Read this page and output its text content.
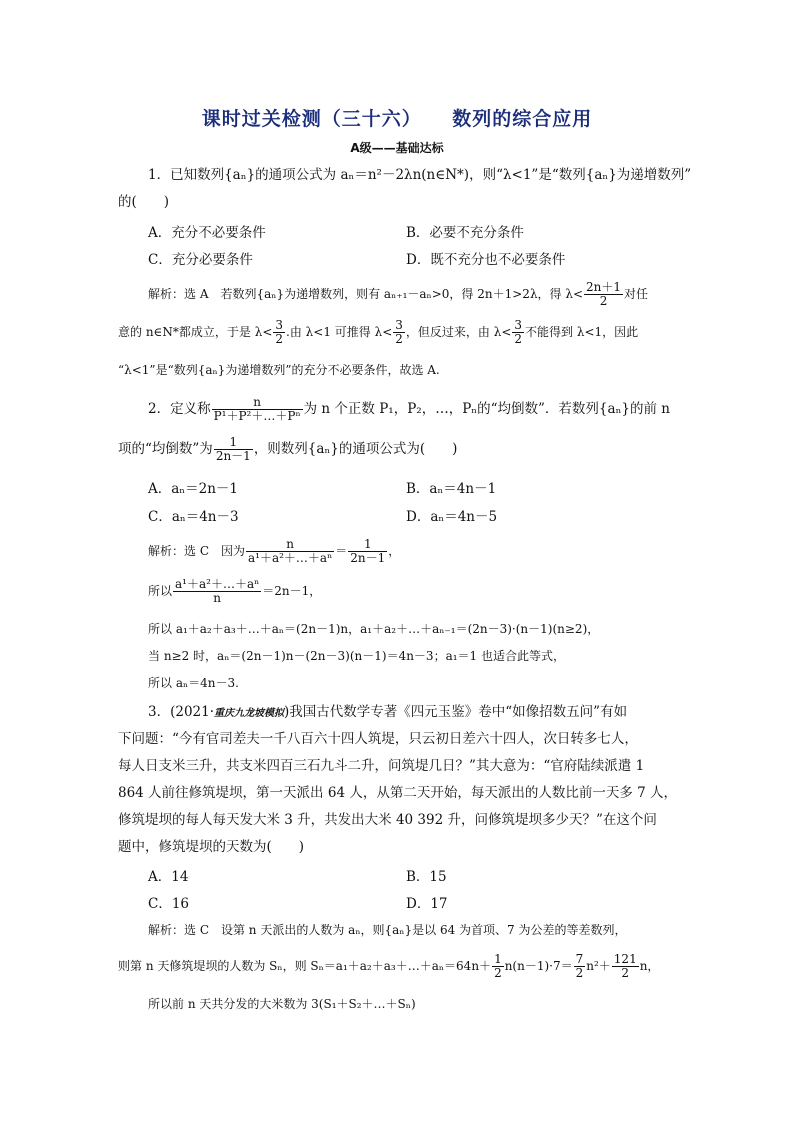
课时过关检测（三十六）    数列的综合应用
A级——基础达标
1．已知数列{aₙ}的通项公式为 aₙ＝n²－2λn(n∈N*)，则“λ<1”是“数列{aₙ}为递增数列”
的(　　)
A．充分不必要条件	B．必要不充分条件
C．充分必要条件	D．既不充分也不必要条件
解析：选 A　若数列{aₙ}为递增数列，则有 aₙ₊₁－aₙ>0，得 2n＋1>2λ，得 $\lambda< \frac{2n+1}{2}$ 对任
意的 n∈N*都成立，于是 $\lambda< \frac{3}{2}$ .由 λ<1 可推得 $\lambda< \frac{3}{2}$ ，但反过来，由 $\lambda< \frac{3}{2}$ 不能得到 λ<1，因此
“λ<1”是“数列{aₙ}为递增数列”的充分不必要条件，故选 A.
2．定义称 $\frac{n}{\text{P¹＋P²＋…＋Pⁿ}}$ 为 n 个正数 P₁，P₂，…，Pₙ的“均倒数”．若数列{aₙ}的前 n
项的“均倒数”为 $\frac{1}{2n-1}$ ，则数列{aₙ}的通项公式为(　　)
A．aₙ＝2n－1	B．aₙ＝4n－1
C．aₙ＝4n－3	D．aₙ＝4n－5
解析：选 C　因为 $\frac{n}{\text{a¹＋a²＋…＋aⁿ}} = \frac{1}{2n-1}$ ，
所以 $\frac{\text{a¹＋a²＋…＋aⁿ}}{n} =2n-1$，
所以 a₁＋a₂＋a₃＋…＋aₙ＝(2n－1)n，a₁＋a₂＋…＋aₙ₋₁＝(2n－3)·(n－1)(n≥2)，
当 n≥2 时，aₙ＝(2n－1)n－(2n－3)(n－1)＝4n－3；a₁＝1 也适合此等式，
所以 aₙ＝4n－3.
3．(2021·重庆九龙坡模拟)我国古代数学专著《四元玉鉴》卷中“如像招数五问”有如
下问题：“今有官司差夫一千八百六十四人筑堤，只云初日差六十四人，次日转多七人，
每人日支米三升，共支米四百三石九斗二升，问筑堤几日？”其大意为：“官府陆续派遣 1
864 人前往修筑堤坝，第一天派出 64 人，从第二天开始，每天派出的人数比前一天多 7 人，
修筑堤坝的每人每天发大米 3 升，共发出大米 40 392 升，问修筑堤坝多少天？”在这个问
题中，修筑堤坝的天数为(　　)
A．14	B．15
C．16	D．17
解析：选 C　设第 n 天派出的人数为 aₙ，则{aₙ}是以 64 为首项、7 为公差的等差数列，
则第 n 天修筑堤坝的人数为 Sₙ，则 Sₙ＝a₁＋a₂＋a₃＋…＋aₙ＝64n＋ $\frac{1}{2} n(n-1)\cdot 7= \frac{7}{2} n^2+ \frac{121}{2}$ n，
所以前 n 天共分发的大米数为 3(S₁＋S₂＋…＋Sₙ)
